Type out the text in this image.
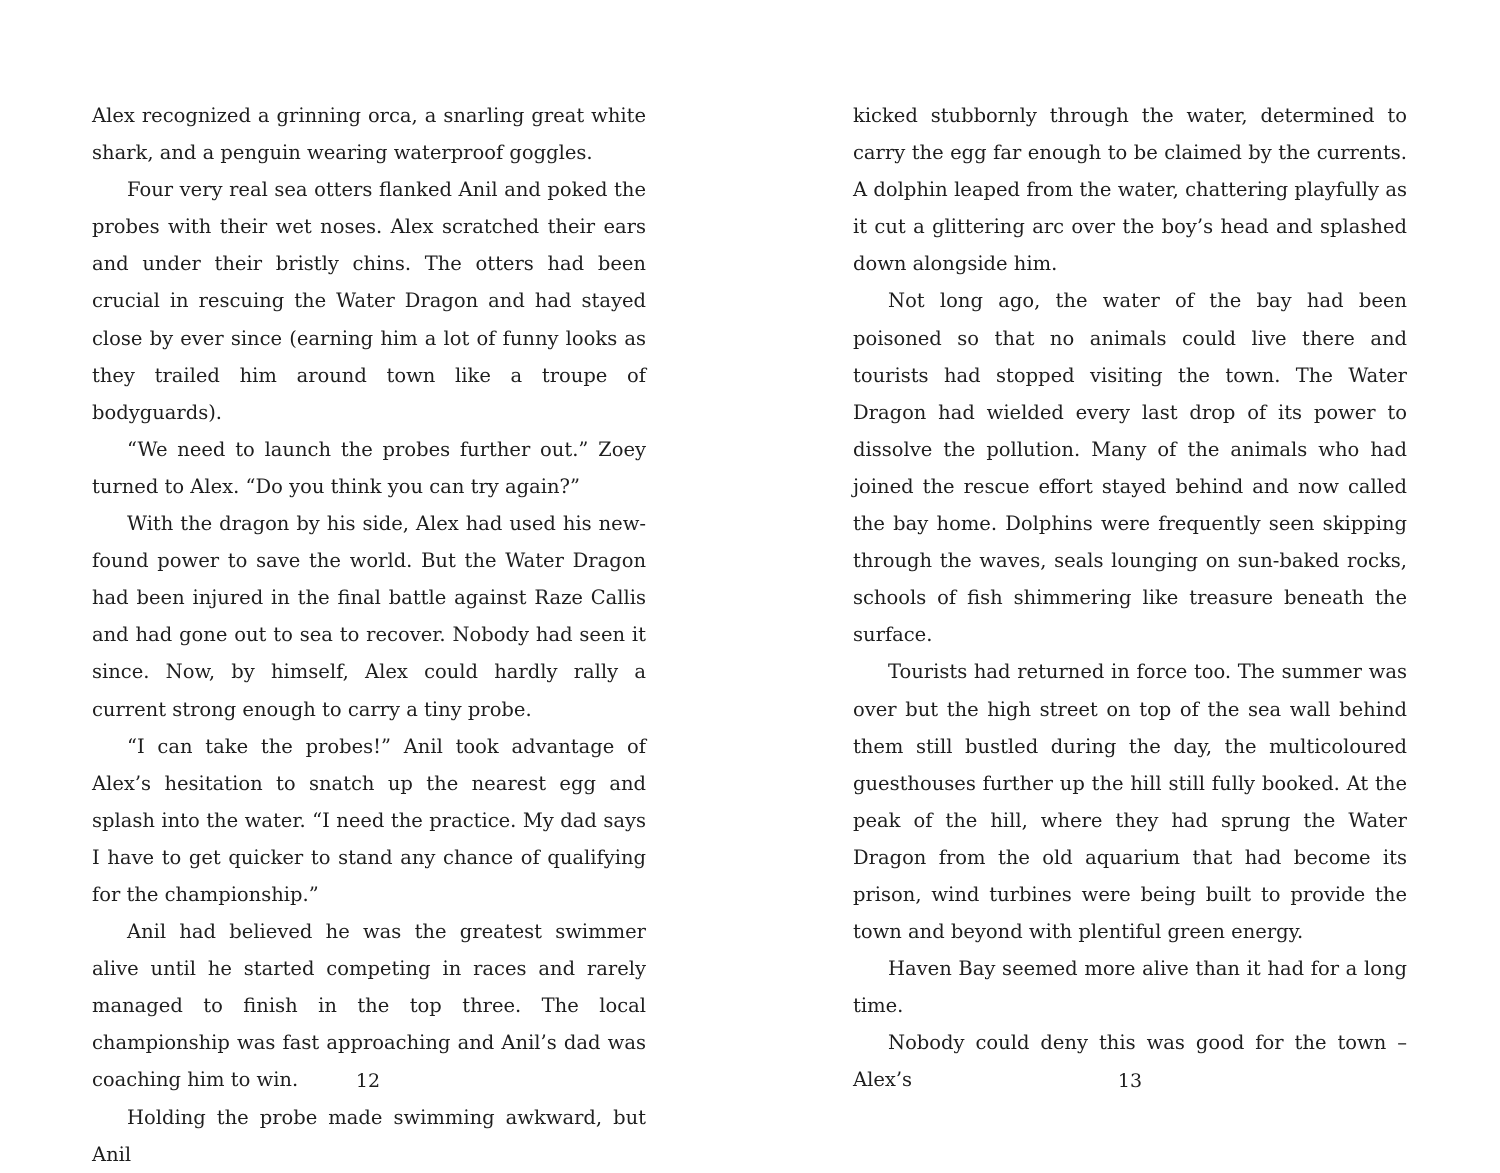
Alex recognized a grinning orca, a snarling great white shark, and a penguin wearing waterproof goggles.

Four very real sea otters flanked Anil and poked the probes with their wet noses. Alex scratched their ears and under their bristly chins. The otters had been crucial in rescuing the Water Dragon and had stayed close by ever since (earning him a lot of funny looks as they trailed him around town like a troupe of bodyguards).

“We need to launch the probes further out.” Zoey turned to Alex. “Do you think you can try again?”

With the dragon by his side, Alex had used his new-found power to save the world. But the Water Dragon had been injured in the final battle against Raze Callis and had gone out to sea to recover. Nobody had seen it since. Now, by himself, Alex could hardly rally a current strong enough to carry a tiny probe.

“I can take the probes!” Anil took advantage of Alex’s hesitation to snatch up the nearest egg and splash into the water. “I need the practice. My dad says I have to get quicker to stand any chance of qualifying for the championship.”

Anil had believed he was the greatest swimmer alive until he started competing in races and rarely managed to finish in the top three. The local championship was fast approaching and Anil’s dad was coaching him to win.

Holding the probe made swimming awkward, but Anil

12

kicked stubbornly through the water, determined to carry the egg far enough to be claimed by the currents. A dolphin leaped from the water, chattering playfully as it cut a glittering arc over the boy’s head and splashed down alongside him.

Not long ago, the water of the bay had been poisoned so that no animals could live there and tourists had stopped visiting the town. The Water Dragon had wielded every last drop of its power to dissolve the pollution. Many of the animals who had joined the rescue effort stayed behind and now called the bay home. Dolphins were frequently seen skipping through the waves, seals lounging on sun-baked rocks, schools of fish shimmering like treasure beneath the surface.

Tourists had returned in force too. The summer was over but the high street on top of the sea wall behind them still bustled during the day, the multicoloured guesthouses further up the hill still fully booked. At the peak of the hill, where they had sprung the Water Dragon from the old aquarium that had become its prison, wind turbines were being built to provide the town and beyond with plentiful green energy.

Haven Bay seemed more alive than it had for a long time.

Nobody could deny this was good for the town – Alex’s	13
